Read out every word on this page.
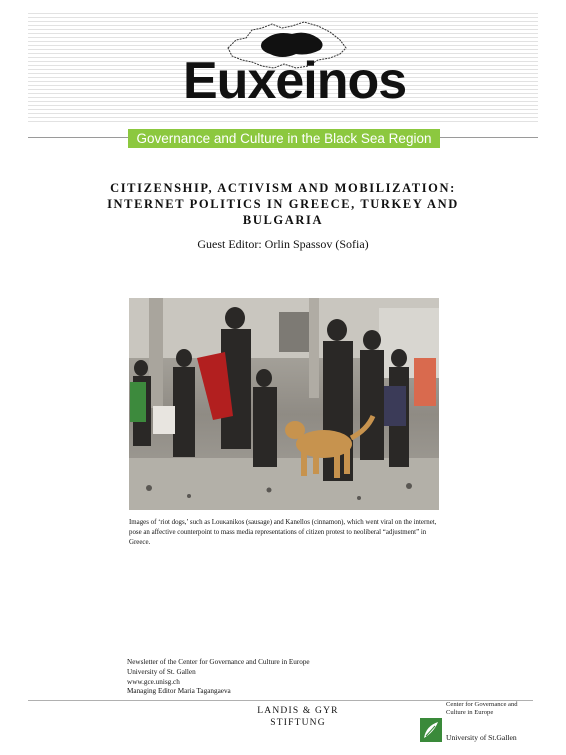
Euxeinos
Governance and Culture in the Black Sea Region
CITIZENSHIP, ACTIVISM AND MOBILIZATION:
INTERNET POLITICS IN GREECE, TURKEY AND
BULGARIA
Guest Editor: Orlin Spassov (Sofia)
Images of ‘riot dogs,’ such as Louκanikos (sausage) and Kanellos (cinnamon), which went viral on the internet, pose an affective counterpoint to mass media representations of citizen protest to neoliberal “adjustment” in Greece.
Newsletter of the Center for Governance and Culture in Europe
University of St. Gallen
www.gce.unisg.ch
Managing Editor Maria Tagangaeva
LANDIS & GYR
STIFTUNG
Center for Governance and
Culture in Europe
University of St.Gallen
